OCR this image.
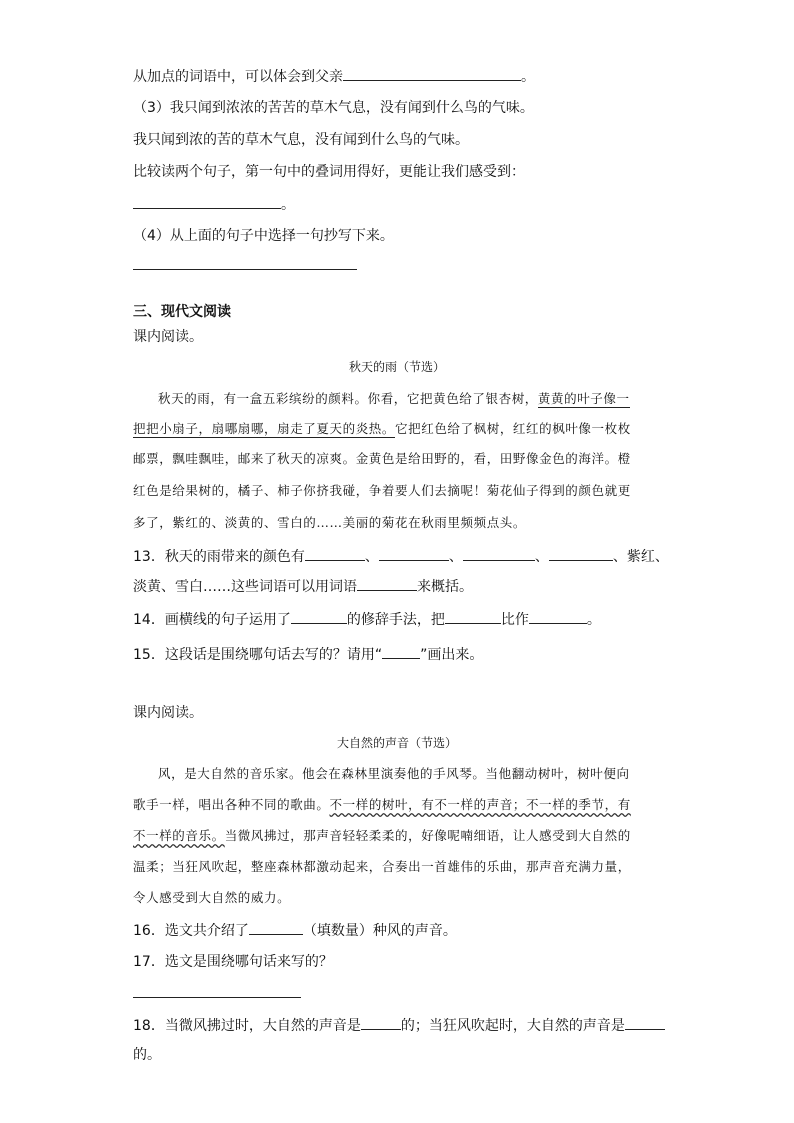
从加点的词语中，可以体会到父亲	。
（3）我只闻到浓浓的苦苦的草木气息，没有闻到什么鸟的气味。
我只闻到浓的苦的草木气息，没有闻到什么鸟的气味。
比较读两个句子，第一句中的叠词用得好，更能让我们感受到：
。
（4）从上面的句子中选择一句抄写下来。
三、现代文阅读
课内阅读。
秋天的雨（节选）
秋天的雨，有一盒五彩缤纷的颜料。你看，它把黄色给了银杏树，黄黄的叶子像一
把把小扇子，扇哪扇哪，扇走了夏天的炎热。它把红色给了枫树，红红的枫叶像一枚枚
邮票，飘哇飘哇，邮来了秋天的凉爽。金黄色是给田野的，看，田野像金色的海洋。橙
红色是给果树的，橘子、柿子你挤我碰，争着要人们去摘呢！菊花仙子得到的颜色就更
多了，紫红的、淡黄的、雪白的……美丽的菊花在秋雨里频频点头。
13．秋天的雨带来的颜色有	、	、	、	、紫红、
淡黄、雪白……这些词语可以用词语	来概括。
14．画横线的句子运用了	的修辞手法，把	比作	。
15．这段话是围绕哪句话去写的？请用“	”画出来。
课内阅读。
大自然的声音（节选）
风，是大自然的音乐家。他会在森林里演奏他的手风琴。当他翻动树叶，树叶便向
歌手一样，唱出各种不同的歌曲。不一样的树叶，有不一样的声音；不一样的季节，有
不一样的音乐。当微风拂过，那声音轻轻柔柔的，好像呢喃细语，让人感受到大自然的
温柔；当狂风吹起，整座森林都激动起来，合奏出一首雄伟的乐曲，那声音充满力量，
令人感受到大自然的威力。
16．选文共介绍了	（填数量）种风的声音。
17．选文是围绕哪句话来写的？
18．当微风拂过时，大自然的声音是	的；当狂风吹起时，大自然的声音是
的。
